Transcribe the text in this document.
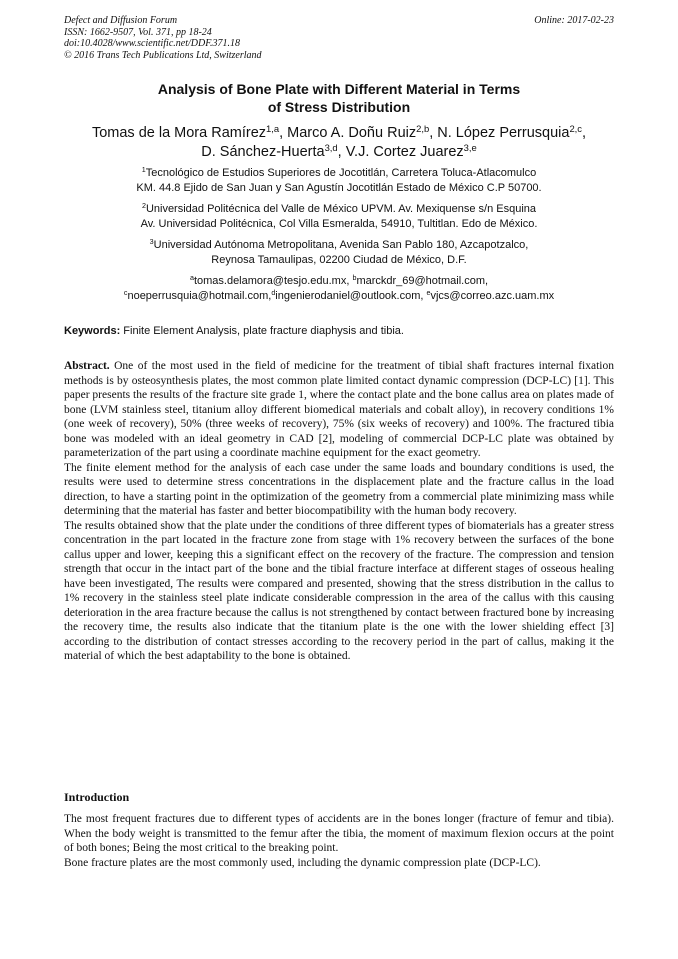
Defect and Diffusion Forum
ISSN: 1662-9507, Vol. 371, pp 18-24
doi:10.4028/www.scientific.net/DDF.371.18
© 2016 Trans Tech Publications Ltd, Switzerland
Online: 2017-02-23
Analysis of Bone Plate with Different Material in Terms
of Stress Distribution
Tomas de la Mora Ramírez$^{1,a}$, Marco A. Doñu Ruiz$^{2,b}$, N. López Perrusquia$^{2,c}$,
D. Sánchez-Huerta$^{3,d}$, V.J. Cortez Juarez$^{3,e}$
$^1$Tecnológico de Estudios Superiores de Jocotitlán, Carretera Toluca-Atlacomulco
KM. 44.8 Ejido de San Juan y San Agustín Jocotitlán Estado de México C.P 50700.
$^2$Universidad Politécnica del Valle de México UPVM. Av. Mexiquense s/n Esquina
Av. Universidad Politécnica, Col Villa Esmeralda, 54910, Tultitlan. Edo de México.
$^3$Universidad Autónoma Metropolitana, Avenida San Pablo 180, Azcapotzalco,
Reynosa Tamaulipas, 02200 Ciudad de México, D.F.
$^a$tomas.delamora@tesjo.edu.mx, $^b$marckdr_69@hotmail.com,
$^c$noeperrusquia@hotmail.com,$^d$ingenierodaniel@outlook.com, $^e$vjcs@correo.azc.uam.mx
Keywords: Finite Element Analysis, plate fracture diaphysis and tibia.

Abstract. One of the most used in the field of medicine for the treatment of tibial shaft fractures internal fixation methods is by osteosynthesis plates, the most common plate limited contact dynamic compression (DCP-LC) [1]. This paper presents the results of the fracture site grade 1, where the contact plate and the bone callus area on plates made of bone (LVM stainless steel, titanium alloy different biomedical materials and cobalt alloy), in recovery conditions 1% (one week of recovery), 50% (three weeks of recovery), 75% (six weeks of recovery) and 100%. The fractured tibia bone was modeled with an ideal geometry in CAD [2], modeling of commercial DCP-LC plate was obtained by parameterization of the part using a coordinate machine equipment for the exact geometry.

The finite element method for the analysis of each case under the same loads and boundary conditions is used, the results were used to determine stress concentrations in the displacement plate and the fracture callus in the load direction, to have a starting point in the optimization of the geometry from a commercial plate minimizing mass while determining that the material has faster and better biocompatibility with the human body recovery.

The results obtained show that the plate under the conditions of three different types of biomaterials has a greater stress concentration in the part located in the fracture zone from stage with 1% recovery between the surfaces of the bone callus upper and lower, keeping this a significant effect on the recovery of the fracture. The compression and tension strength that occur in the intact part of the bone and the tibial fracture interface at different stages of osseous healing have been investigated, The results were compared and presented, showing that the stress distribution in the callus to 1% recovery in the stainless steel plate indicate considerable compression in the area of the callus with this causing deterioration in the area fracture because the callus is not strengthened by contact between fractured bone by increasing the recovery time, the results also indicate that the titanium plate is the one with the lower shielding effect [3] according to the distribution of contact stresses according to the recovery period in the part of callus, making it the material of which the best adaptability to the bone is obtained.

Introduction

The most frequent fractures due to different types of accidents are in the bones longer (fracture of femur and tibia). When the body weight is transmitted to the femur after the tibia, the moment of maximum flexion occurs at the point of both bones; Being the most critical to the breaking point.

Bone fracture plates are the most commonly used, including the dynamic compression plate (DCP-LC).
